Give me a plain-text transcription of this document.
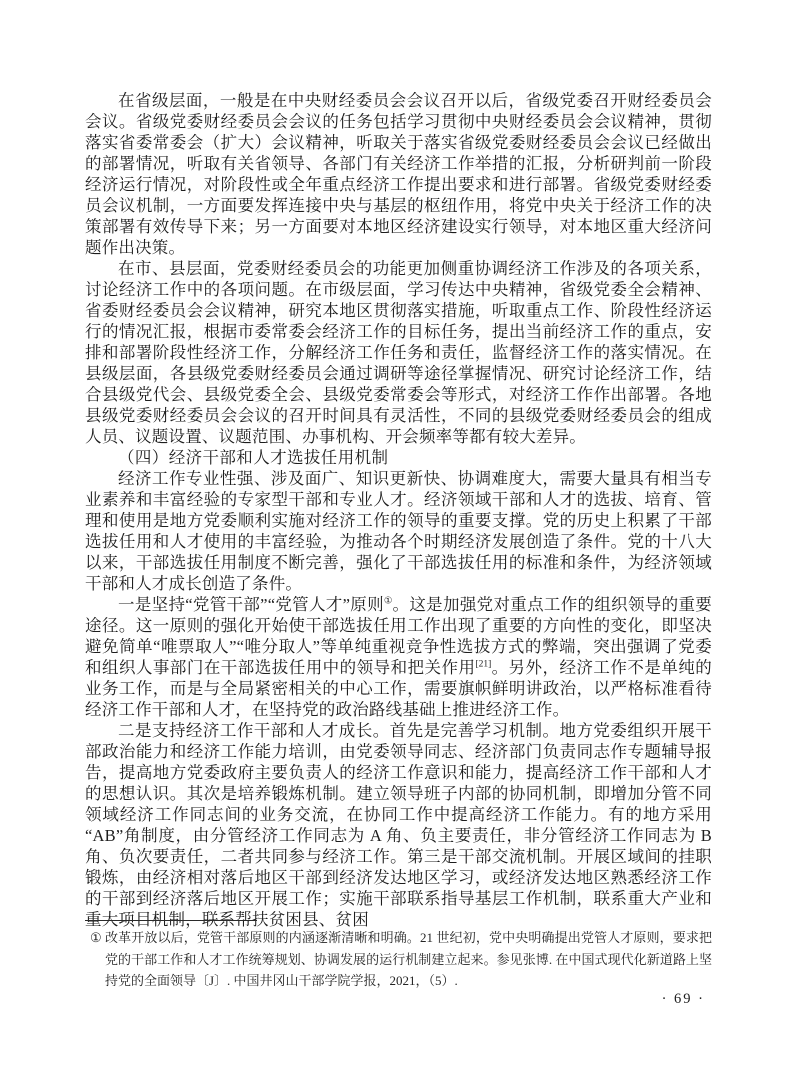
在省级层面，一般是在中央财经委员会会议召开以后，省级党委召开财经委员会会议。省级党委财经委员会会议的任务包括学习贯彻中央财经委员会会议精神，贯彻落实省委常委会（扩大）会议精神，听取关于落实省级党委财经委员会会议已经做出的部署情况，听取有关省领导、各部门有关经济工作举措的汇报，分析研判前一阶段经济运行情况，对阶段性或全年重点经济工作提出要求和进行部署。省级党委财经委员会议机制，一方面要发挥连接中央与基层的枢纽作用，将党中央关于经济工作的决策部署有效传导下来；另一方面要对本地区经济建设实行领导，对本地区重大经济问题作出决策。

在市、县层面，党委财经委员会的功能更加侧重协调经济工作涉及的各项关系，讨论经济工作中的各项问题。在市级层面，学习传达中央精神，省级党委全会精神、省委财经委员会会议精神，研究本地区贯彻落实措施，听取重点工作、阶段性经济运行的情况汇报，根据市委常委会经济工作的目标任务，提出当前经济工作的重点，安排和部署阶段性经济工作，分解经济工作任务和责任，监督经济工作的落实情况。在县级层面，各县级党委财经委员会通过调研等途径掌握情况、研究讨论经济工作，结合县级党代会、县级党委全会、县级党委常委会等形式，对经济工作作出部署。各地县级党委财经委员会会议的召开时间具有灵活性，不同的县级党委财经委员会的组成人员、议题设置、议题范围、办事机构、开会频率等都有较大差异。

（四）经济干部和人才选拔任用机制

经济工作专业性强、涉及面广、知识更新快、协调难度大，需要大量具有相当专业素养和丰富经验的专家型干部和专业人才。经济领域干部和人才的选拔、培育、管理和使用是地方党委顺利实施对经济工作的领导的重要支撑。党的历史上积累了干部选拔任用和人才使用的丰富经验，为推动各个时期经济发展创造了条件。党的十八大以来，干部选拔任用制度不断完善，强化了干部选拔任用的标准和条件，为经济领域干部和人才成长创造了条件。

一是坚持“党管干部”“党管人才”原则①。这是加强党对重点工作的组织领导的重要途径。这一原则的强化开始使干部选拔任用工作出现了重要的方向性的变化，即坚决避免简单“唯票取人”“唯分取人”等单纯重视竞争性选拔方式的弊端，突出强调了党委和组织人事部门在干部选拔任用中的领导和把关作用[21]。另外，经济工作不是单纯的业务工作，而是与全局紧密相关的中心工作，需要旗帜鲜明讲政治，以严格标准看待经济工作干部和人才，在坚持党的政治路线基础上推进经济工作。

二是支持经济工作干部和人才成长。首先是完善学习机制。地方党委组织开展干部政治能力和经济工作能力培训，由党委领导同志、经济部门负责同志作专题辅导报告，提高地方党委政府主要负责人的经济工作意识和能力，提高经济工作干部和人才的思想认识。其次是培养锻炼机制。建立领导班子内部的协同机制，即增加分管不同领域经济工作同志间的业务交流，在协同工作中提高经济工作能力。有的地方采用“AB”角制度，由分管经济工作同志为 A 角、负主要责任，非分管经济工作同志为 B 角、负次要责任，二者共同参与经济工作。第三是干部交流机制。开展区域间的挂职锻炼，由经济相对落后地区干部到经济发达地区学习，或经济发达地区熟悉经济工作的干部到经济落后地区开展工作；实施干部联系指导基层工作机制，联系重大产业和重大项目机制，联系帮扶贫困县、贫困

① 改革开放以后，党管干部原则的内涵逐渐清晰和明确。21 世纪初，党中央明确提出党管人才原则，要求把党的干部工作和人才工作统筹规划、协调发展的运行机制建立起来。参见张博. 在中国式现代化新道路上坚持党的全面领导〔J〕. 中国井冈山干部学院学报，2021，（5）.
· 69 ·
